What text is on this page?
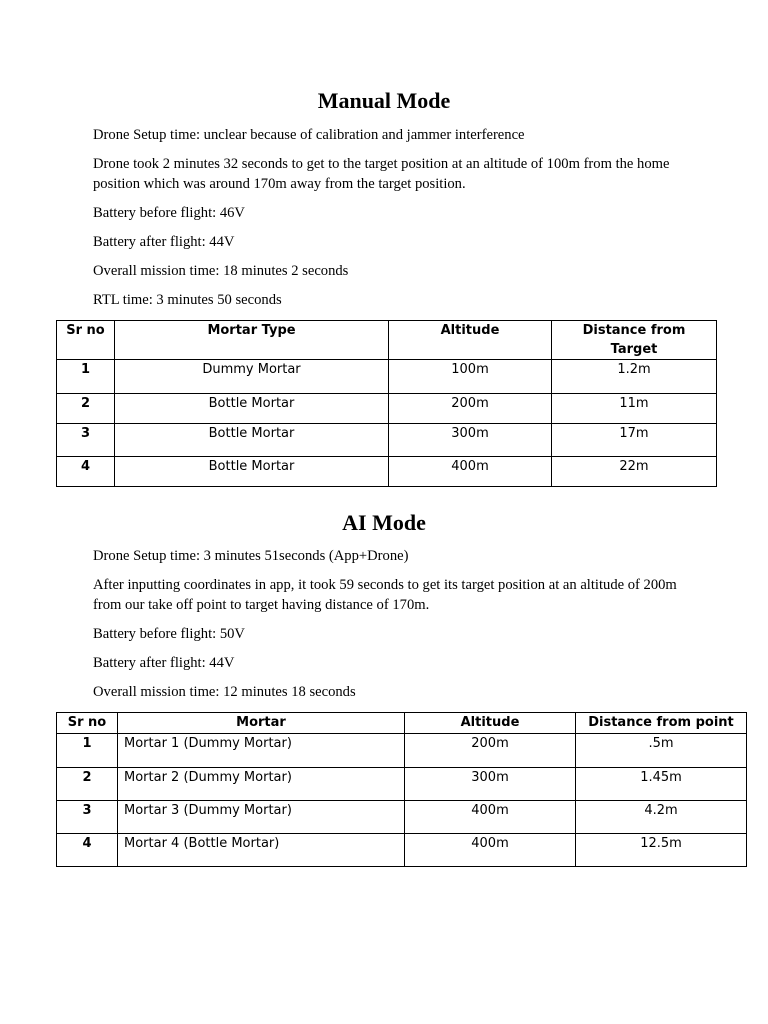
Manual Mode

Drone Setup time: unclear because of calibration and jammer interference

Drone took 2 minutes 32 seconds to get to the target position at an altitude of 100m from the home position which was around 170m away from the target position.

Battery before flight: 46V

Battery after flight: 44V

Overall mission time: 18 minutes 2 seconds

RTL time: 3 minutes 50 seconds

Sr no	Mortar Type	Altitude	Distance from Target
1	Dummy Mortar	100m	1.2m
2	Bottle Mortar	200m	11m
3	Bottle Mortar	300m	17m
4	Bottle Mortar	400m	22m
AI Mode

Drone Setup time: 3 minutes 51seconds (App+Drone)

After inputting coordinates in app, it took 59 seconds to get its target position at an altitude of 200m from our take off point to target having distance of 170m.

Battery before flight: 50V

Battery after flight: 44V

Overall mission time: 12 minutes 18 seconds

Sr no	Mortar	Altitude	Distance from point
1	Mortar 1 (Dummy Mortar)	200m	.5m
2	Mortar 2 (Dummy Mortar)	300m	1.45m
3	Mortar 3 (Dummy Mortar)	400m	4.2m
4	Mortar 4 (Bottle Mortar)	400m	12.5m
